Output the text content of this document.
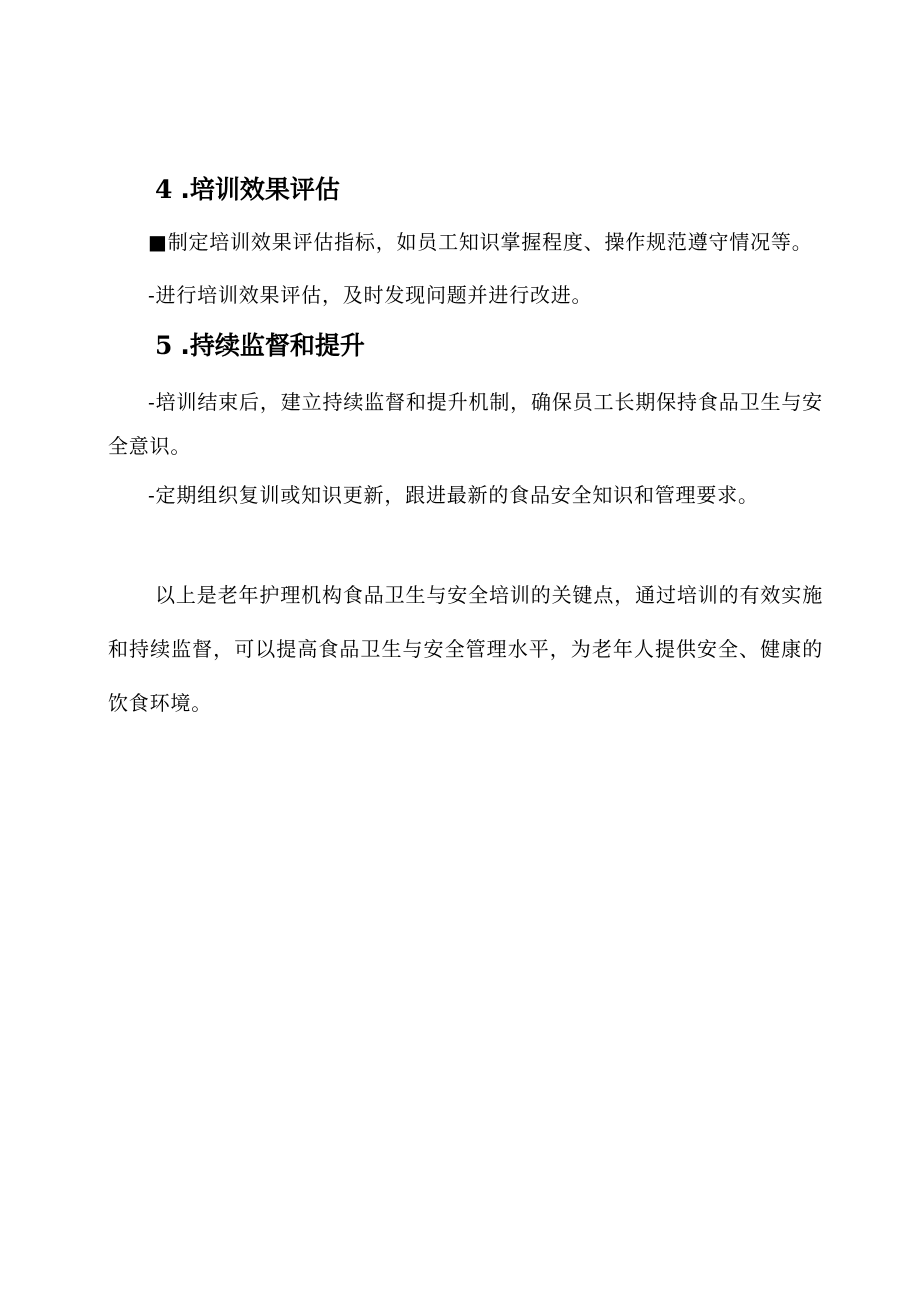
4 .培训效果评估

■制定培训效果评估指标，如员工知识掌握程度、操作规范遵守情况等。

-进行培训效果评估，及时发现问题并进行改进。

5 .持续监督和提升

-培训结束后，建立持续监督和提升机制，确保员工长期保持食品卫生与安全意识。

-定期组织复训或知识更新，跟进最新的食品安全知识和管理要求。

以上是老年护理机构食品卫生与安全培训的关键点，通过培训的有效实施和持续监督，可以提高食品卫生与安全管理水平，为老年人提供安全、健康的饮食环境。
